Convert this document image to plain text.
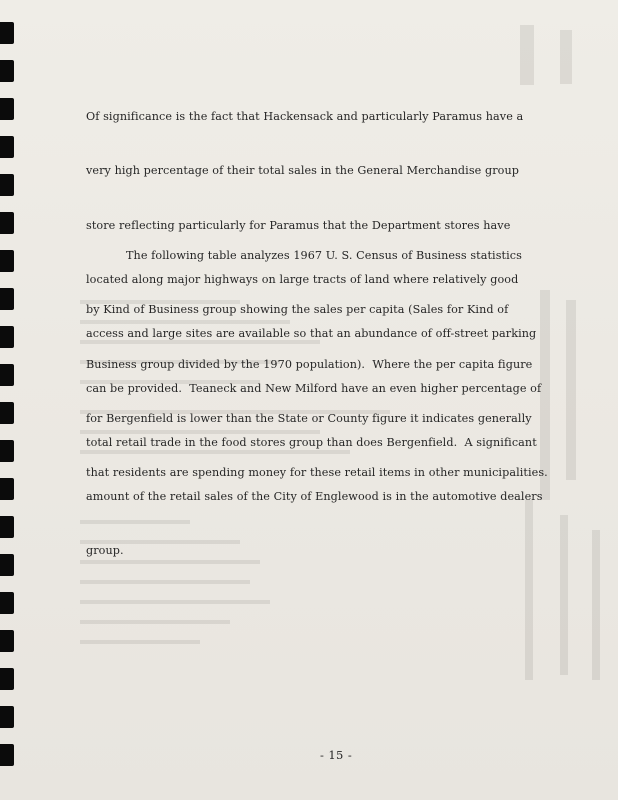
Of significance is the fact that Hackensack and particularly Paramus have a

very high percentage of their total sales in the General Merchandise group

store reflecting particularly for Paramus that the Department stores have

located along major highways on large tracts of land where relatively good

access and large sites are available so that an abundance of off-street parking

can be provided.  Teaneck and New Milford have an even higher percentage of

total retail trade in the food stores group than does Bergenfield.  A significant

amount of the retail sales of the City of Englewood is in the automotive dealers

group.

The following table analyzes 1967 U. S. Census of Business statistics

by Kind of Business group showing the sales per capita (Sales for Kind of

Business group divided by the 1970 population).  Where the per capita figure

for Bergenfield is lower than the State or County figure it indicates generally

that residents are spending money for these retail items in other municipalities.

- 15 -
